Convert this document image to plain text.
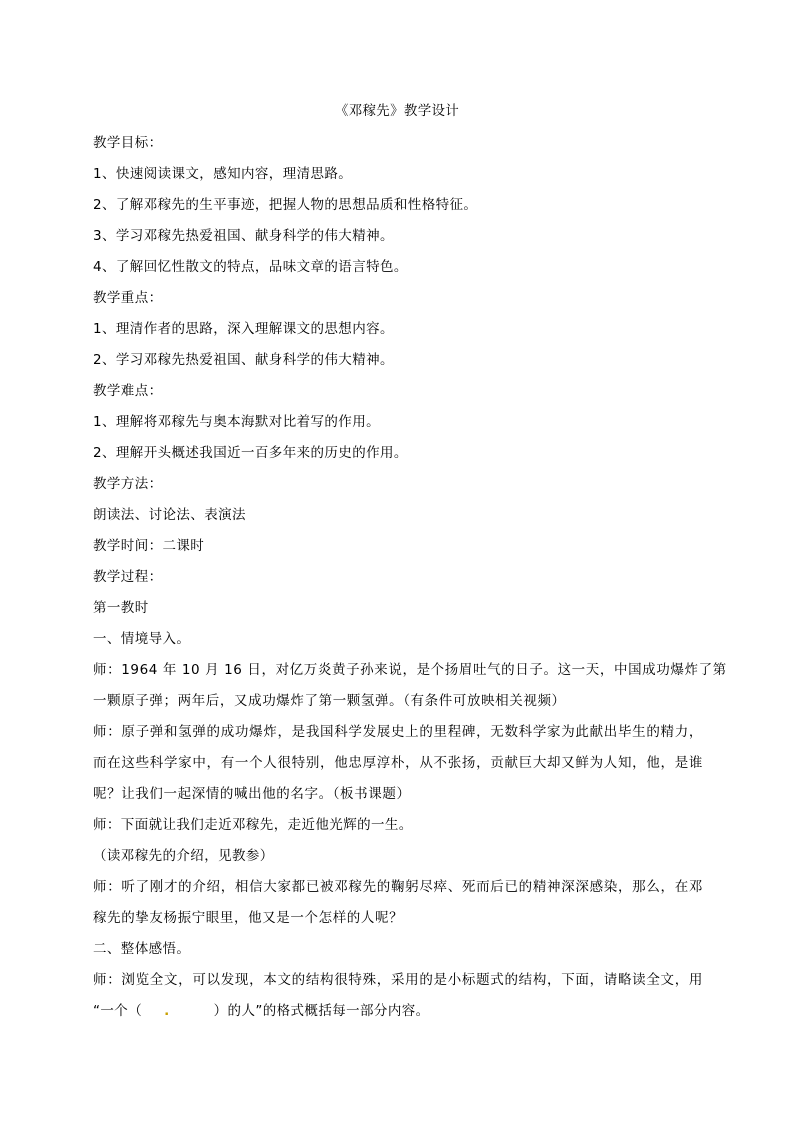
《邓稼先》教学设计
教学目标：
1、快速阅读课文，感知内容，理清思路。
2、了解邓稼先的生平事迹，把握人物的思想品质和性格特征。
3、学习邓稼先热爱祖国、献身科学的伟大精神。
4、了解回忆性散文的特点，品味文章的语言特色。
教学重点：
1、理清作者的思路，深入理解课文的思想内容。
2、学习邓稼先热爱祖国、献身科学的伟大精神。
教学难点：
1、理解将邓稼先与奥本海默对比着写的作用。
2、理解开头概述我国近一百多年来的历史的作用。
教学方法：
朗读法、讨论法、表演法
教学时间：二课时
教学过程：
第一教时
一、情境导入。
师：1964 年 10 月 16 日，对亿万炎黄子孙来说，是个扬眉吐气的日子。这一天，中国成功爆炸了第
一颗原子弹；两年后，又成功爆炸了第一颗氢弹。（有条件可放映相关视频）
师：原子弹和氢弹的成功爆炸，是我国科学发展史上的里程碑，无数科学家为此献出毕生的精力，
而在这些科学家中，有一个人很特别，他忠厚淳朴，从不张扬，贡献巨大却又鲜为人知，他，是谁
呢？让我们一起深情的喊出他的名字。（板书课题）
师：下面就让我们走近邓稼先，走近他光辉的一生。
（读邓稼先的介绍，见教参）
师：听了刚才的介绍，相信大家都已被邓稼先的鞠躬尽瘁、死而后已的精神深深感染，那么，在邓
稼先的挚友杨振宁眼里，他又是一个怎样的人呢？
二、整体感悟。
师：浏览全文，可以发现，本文的结构很特殊，采用的是小标题式的结构，下面，请略读全文，用
“一个（ .	）的人”的格式概括每一部分内容。
